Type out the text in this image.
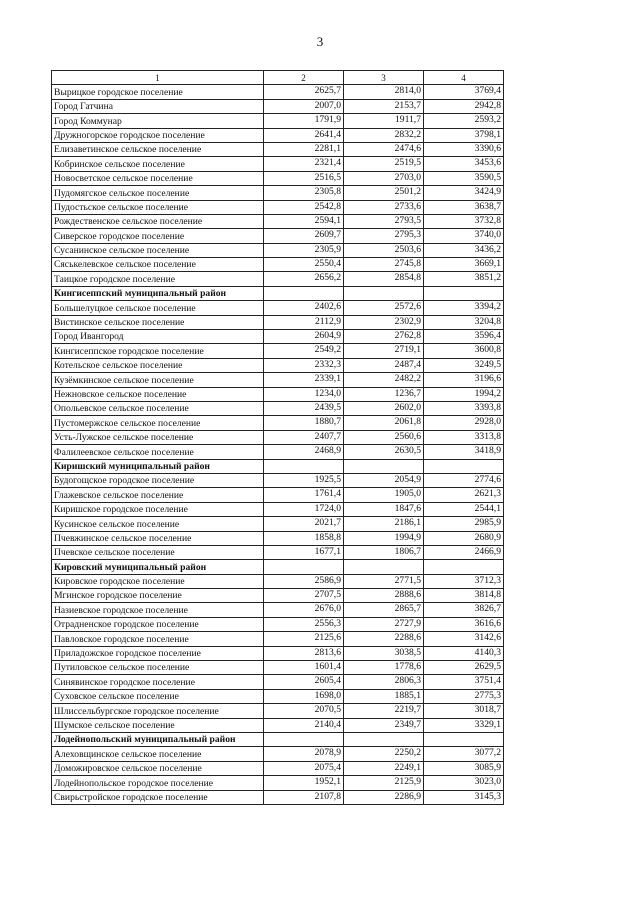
3
1	2	3	4
Вырицкое городское поселение	2625,7	2814,0	3769,4
Город Гатчина	2007,0	2153,7	2942,8
Город Коммунар	1791,9	1911,7	2593,2
Дружногорское городское поселение	2641,4	2832,2	3798,1
Елизаветинское сельское поселение	2281,1	2474,6	3390,6
Кобринское сельское поселение	2321,4	2519,5	3453,6
Новосветское сельское поселение	2516,5	2703,0	3590,5
Пудомягское сельское поселение	2305,8	2501,2	3424,9
Пудостьское сельское поселение	2542,8	2733,6	3638,7
Рождественское сельское поселение	2594,1	2793,5	3732,8
Сиверское городское поселение	2609,7	2795,3	3740,0
Сусанинское сельское поселение	2305,9	2503,6	3436,2
Сяськелевское сельское поселение	2550,4	2745,8	3669,1
Таицкое городское поселение	2656,2	2854,8	3851,2
Кингисеппский муниципальный район			
Большелуцкое сельское поселение	2402,6	2572,6	3394,2
Вистинское сельское поселение	2112,9	2302,9	3204,8
Город Ивангород	2604,9	2762,8	3596,4
Кингисеппское городское поселение	2549,2	2719,1	3600,8
Котельское сельское поселение	2332,3	2487,4	3249,5
Кузёмкинское сельское поселение	2339,1	2482,2	3196,6
Нежновское сельское поселение	1234,0	1236,7	1994,2
Опольевское сельское поселение	2439,5	2602,0	3393,8
Пустомержское сельское поселение	1880,7	2061,8	2928,0
Усть-Лужское сельское поселение	2407,7	2560,6	3313,8
Фалилеевское сельское поселение	2468,9	2630,5	3418,9
Киришский муниципальный район			
Будогощское городское поселение	1925,5	2054,9	2774,6
Глажевское сельское поселение	1761,4	1905,0	2621,3
Киришское городское поселение	1724,0	1847,6	2544,1
Кусинское сельское поселение	2021,7	2186,1	2985,9
Пчевжинское сельское поселение	1858,8	1994,9	2680,9
Пчевское сельское поселение	1677,1	1806,7	2466,9
Кировский муниципальный район			
Кировское городское поселение	2586,9	2771,5	3712,3
Мгинское городское поселение	2707,5	2888,6	3814,8
Назиевское городское поселение	2676,0	2865,7	3826,7
Отрадненское городское поселение	2556,3	2727,9	3616,6
Павловское городское поселение	2125,6	2288,6	3142,6
Приладожское городское поселение	2813,6	3038,5	4140,3
Путиловское сельское поселение	1601,4	1778,6	2629,5
Синявинское городское поселение	2605,4	2806,3	3751,4
Суховское сельское поселение	1698,0	1885,1	2775,3
Шлиссельбургское городское поселение	2070,5	2219,7	3018,7
Шумское сельское поселение	2140,4	2349,7	3329,1
Лодейнопольский муниципальный район			
Алеховщинское сельское поселение	2078,9	2250,2	3077,2
Доможировское сельское поселение	2075,4	2249,1	3085,9
Лодейнопольское городское поселение	1952,1	2125,9	3023,0
Свирьстройское городское поселение	2107,8	2286,9	3145,3
